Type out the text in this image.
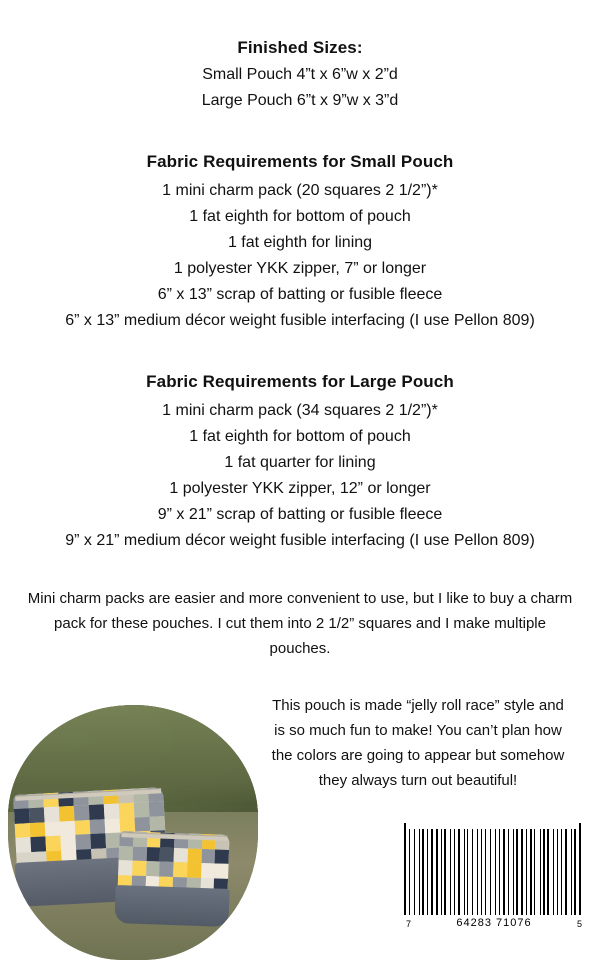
Finished Sizes:
Small Pouch 4”t x 6”w x 2”d
Large Pouch 6”t x 9”w x 3”d
Fabric Requirements for Small Pouch
1 mini charm pack (20 squares 2 1/2”)*
1 fat eighth for bottom of pouch
1 fat eighth for lining
1 polyester YKK zipper, 7” or longer
6” x 13” scrap of batting or fusible fleece
6” x 13” medium décor weight fusible interfacing (I use Pellon 809)
Fabric Requirements for Large Pouch
1 mini charm pack (34 squares 2 1/2”)*
1 fat eighth for bottom of pouch
1 fat quarter for lining
1 polyester YKK zipper, 12” or longer
9” x 21” scrap of batting or fusible fleece
9” x 21” medium décor weight fusible interfacing (I use Pellon 809)
Mini charm packs are easier and more convenient to use, but I like to buy a charm pack for these pouches. I cut them into 2 1/2” squares and I make multiple pouches.
This pouch is made “jelly roll race” style and is so much fun to make! You can’t plan how the colors are going to appear but somehow they always turn out beautiful!
7	64283 71076	5
